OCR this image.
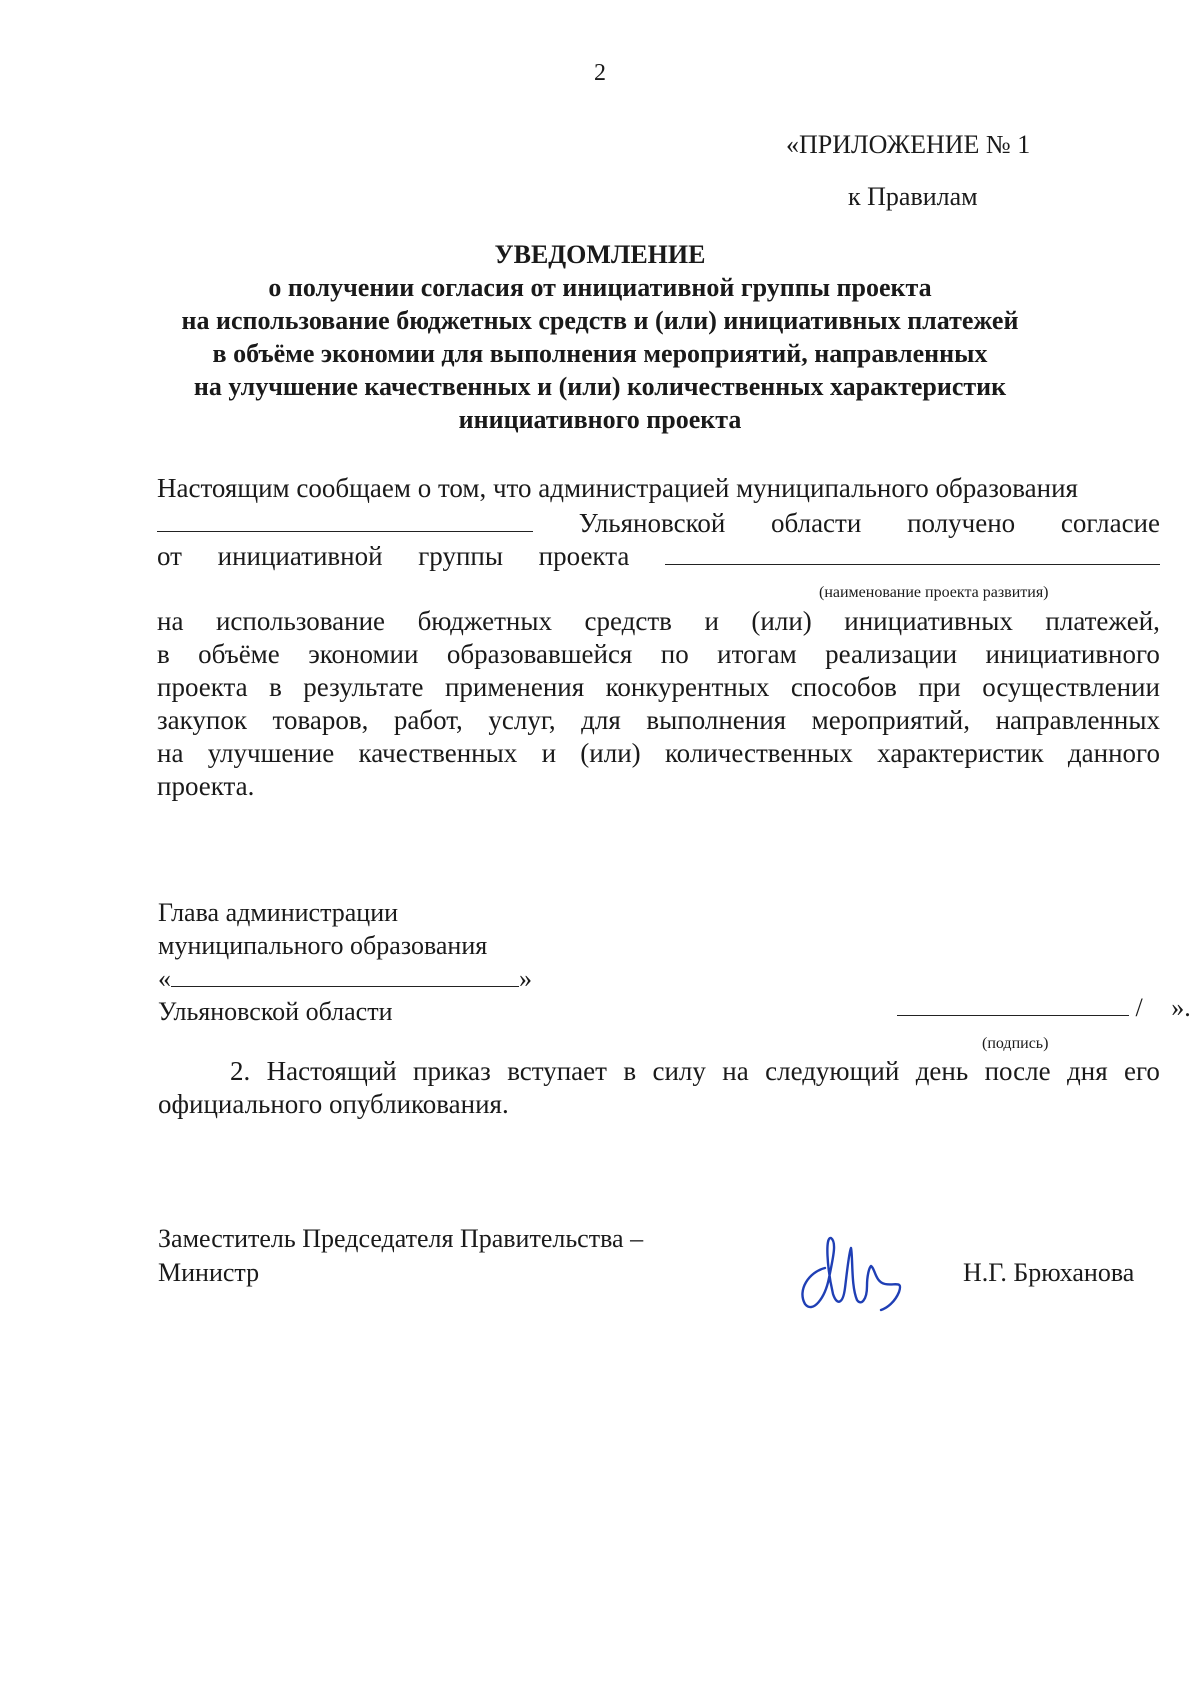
2
«ПРИЛОЖЕНИЕ № 1
к Правилам
УВЕДОМЛЕНИЕ
о получении согласия от инициативной группы проекта
на использование бюджетных средств и (или) инициативных платежей
в объёме экономии для выполнения мероприятий, направленных
на улучшение качественных и (или) количественных характеристик
инициативного проекта
Настоящим сообщаем о том, что администрацией муниципального образования
Ульяновской области получено согласие
от инициативной группы проекта
(наименование проекта развития)
на использование бюджетных средств и (или) инициативных платежей,
в объёме экономии образовавшейся по итогам реализации инициативного
проекта в результате применения конкурентных способов при осуществлении
закупок товаров, работ, услуг, для выполнения мероприятий, направленных
на улучшение качественных и (или) количественных характеристик данного
проекта.
Глава администрации
муниципального образования
«	»
Ульяновской области	/ ».
(подпись)
2. Настоящий приказ вступает в силу на следующий день после дня его
официального опубликования.
Заместитель Председателя Правительства –
Министр	Н.Г. Брюханова
